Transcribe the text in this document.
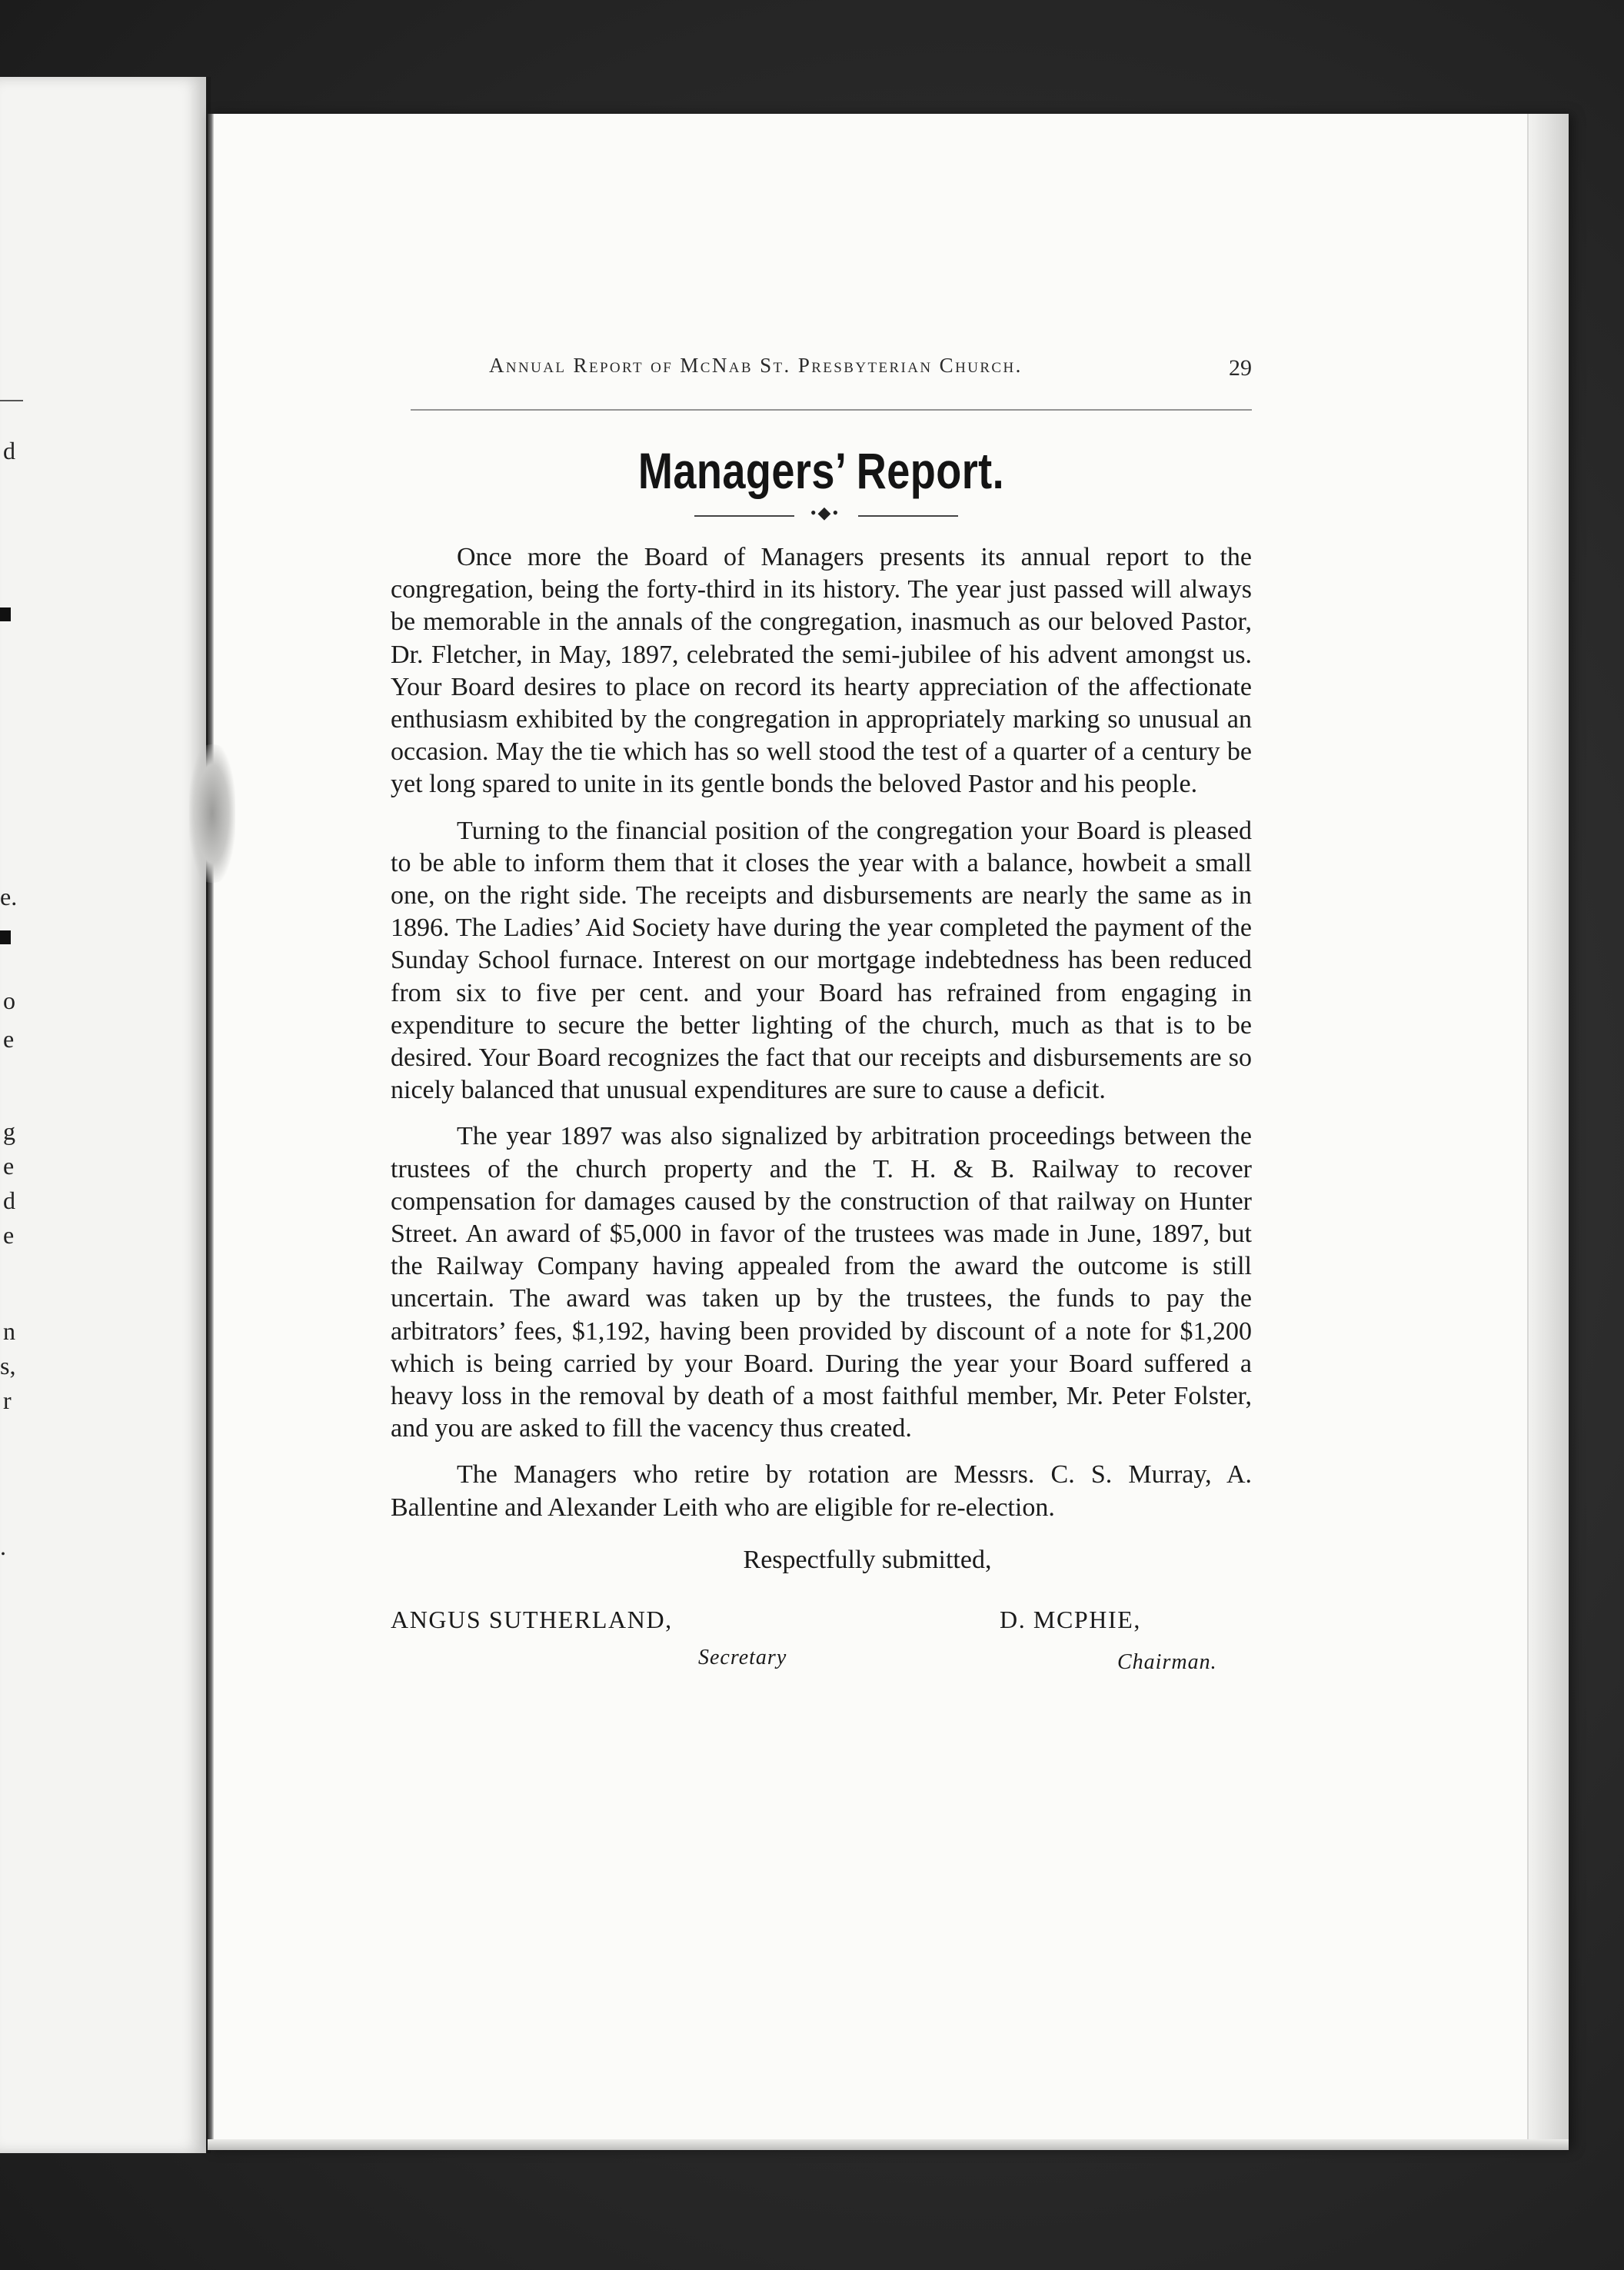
d
e.
o
e
g
e
d
e
n
s,
r
.
Annual Report of McNab St. Presbyterian Church.	29
Managers’ Report.
•◆•

Once more the Board of Managers presents its annual report to the congregation, being the forty-third in its history. The year just passed will always be memorable in the annals of the congregation, inasmuch as our beloved Pastor, Dr. Fletcher, in May, 1897, celebrated the semi-jubilee of his advent amongst us. Your Board desires to place on record its hearty appreciation of the affectionate enthusiasm exhibited by the congregation in appropriately marking so unusual an occasion. May the tie which has so well stood the test of a quarter of a century be yet long spared to unite in its gentle bonds the beloved Pastor and his people.

Turning to the financial position of the congregation your Board is pleased to be able to inform them that it closes the year with a balance, howbeit a small one, on the right side. The receipts and disbursements are nearly the same as in 1896. The Ladies’ Aid Society have during the year completed the payment of the Sunday School furnace. Interest on our mortgage indebtedness has been reduced from six to five per cent. and your Board has refrained from engaging in expenditure to secure the better lighting of the church, much as that is to be desired. Your Board recognizes the fact that our receipts and disbursements are so nicely balanced that unusual expenditures are sure to cause a deficit.

The year 1897 was also signalized by arbitration proceedings between the trustees of the church property and the T. H. & B. Railway to recover compensation for damages caused by the construction of that railway on Hunter Street. An award of $5,000 in favor of the trustees was made in June, 1897, but the Railway Company having appealed from the award the outcome is still uncertain. The award was taken up by the trustees, the funds to pay the arbitrators’ fees, $1,192, having been provided by discount of a note for $1,200 which is being carried by your Board. During the year your Board suffered a heavy loss in the removal by death of a most faithful member, Mr. Peter Folster, and you are asked to fill the vacency thus created.

The Managers who retire by rotation are Messrs. C. S. Murray, A. Ballentine and Alexander Leith who are eligible for re-election.

Respectfully submitted,
ANGUS SUTHERLAND,
Secretary
D. MCPHIE,
Chairman.
